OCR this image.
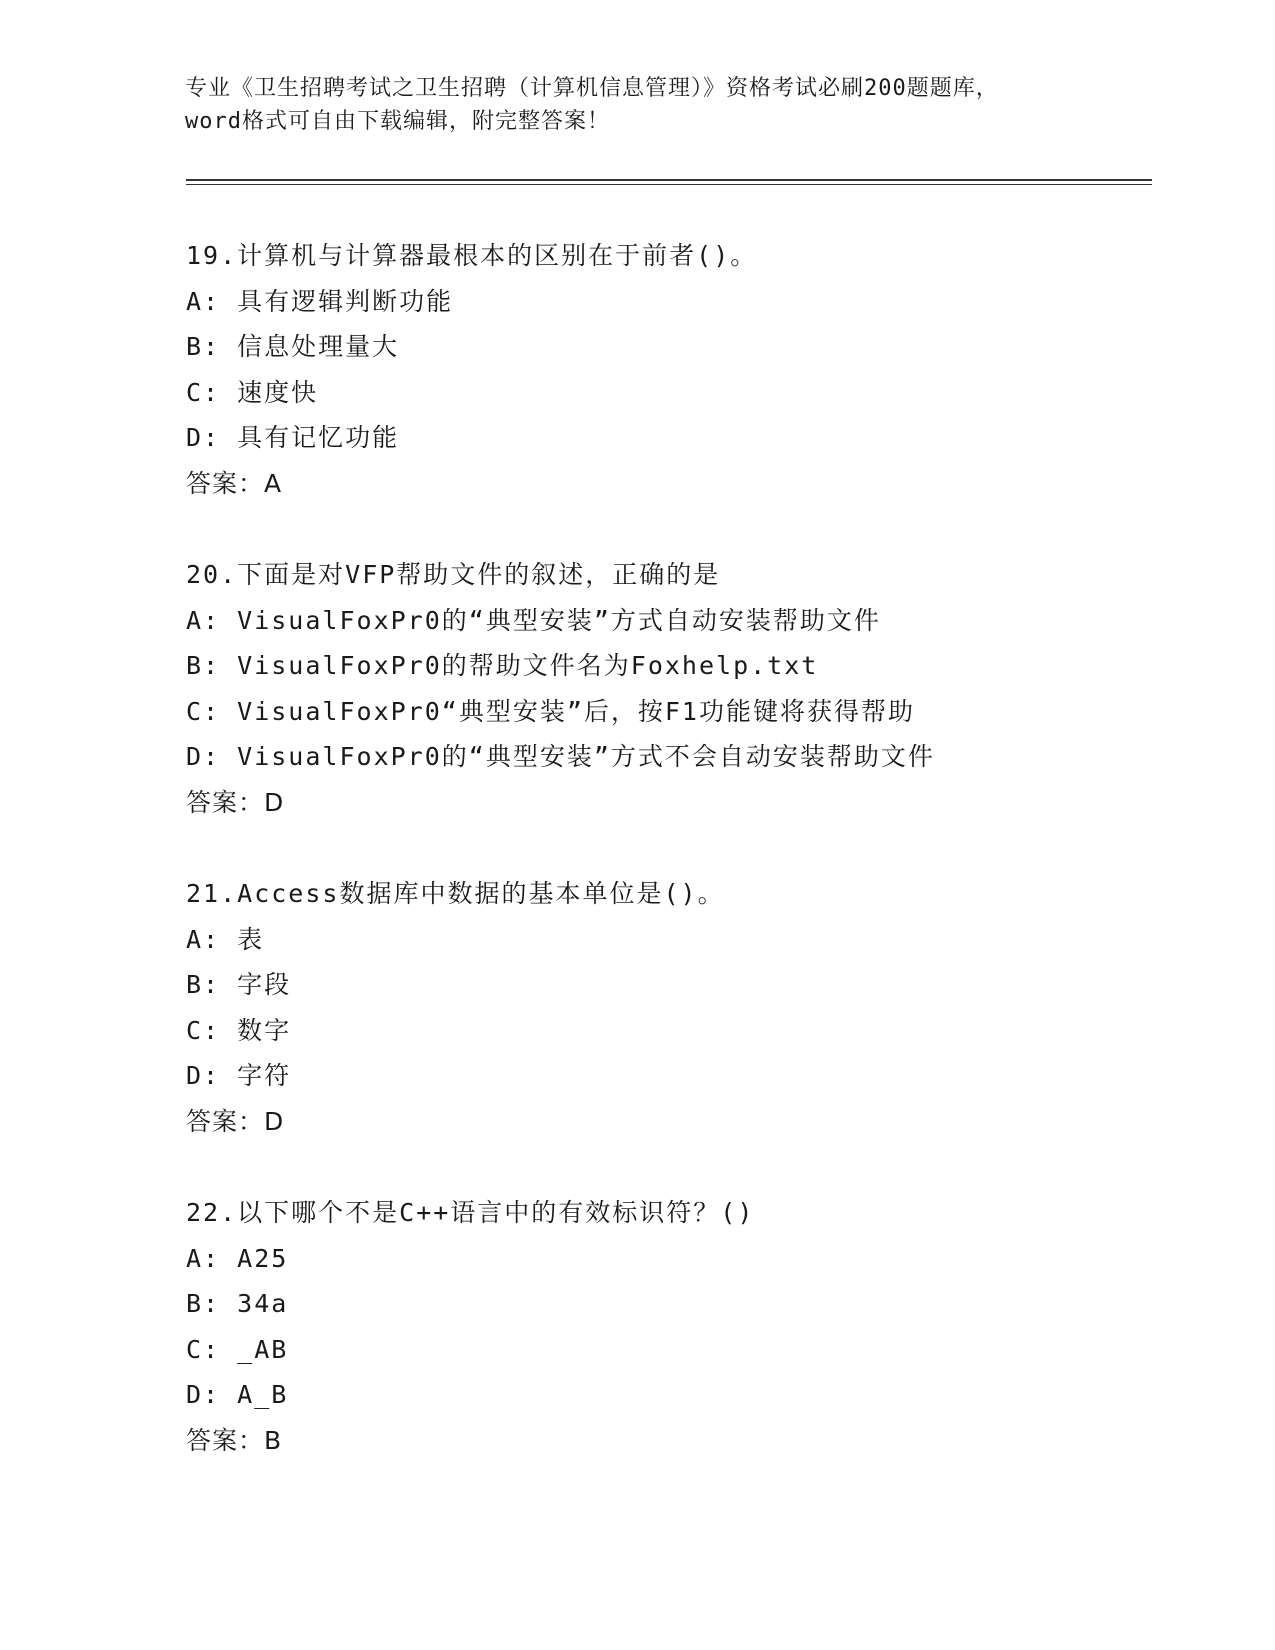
专业《卫生招聘考试之卫生招聘（计算机信息管理）》资格考试必刷200题题库，
word格式可自由下载编辑，附完整答案！
19.计算机与计算器最根本的区别在于前者()。
A: 具有逻辑判断功能
B: 信息处理量大
C: 速度快
D: 具有记忆功能
答案：A
20.下面是对VFP帮助文件的叙述，正确的是
A: VisualFoxPr0的“典型安装”方式自动安装帮助文件
B: VisualFoxPr0的帮助文件名为Foxhelp.txt
C: VisualFoxPr0“典型安装”后，按F1功能键将获得帮助
D: VisualFoxPr0的“典型安装”方式不会自动安装帮助文件
答案：D
21.Access数据库中数据的基本单位是()。
A: 表
B: 字段
C: 数字
D: 字符
答案：D
22.以下哪个不是C++语言中的有效标识符？()
A: A25
B: 34a
C: _AB
D: A_B
答案：B
